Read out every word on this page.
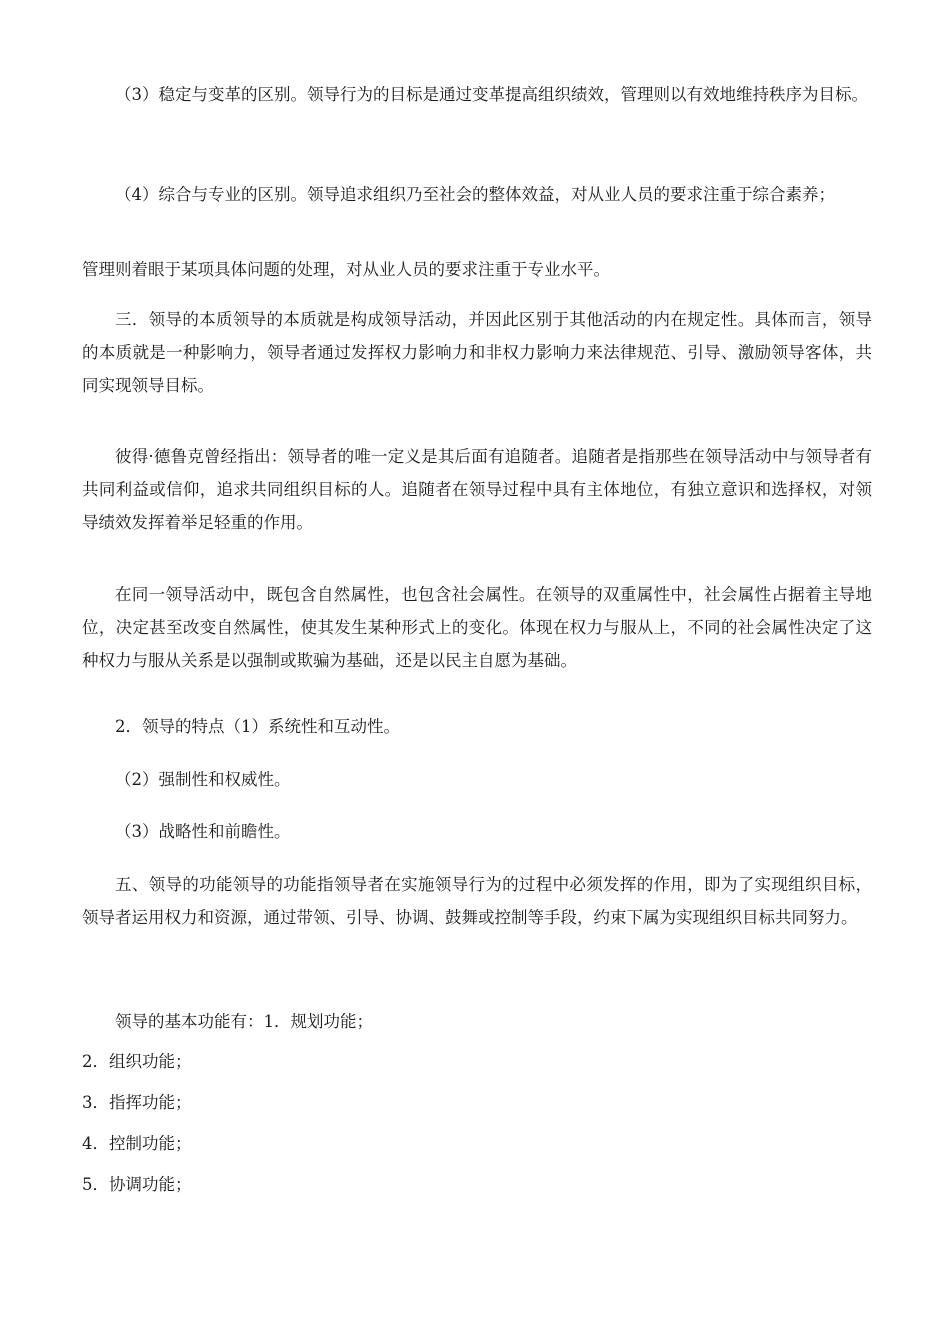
（3）稳定与变革的区别。领导行为的目标是通过变革提高组织绩效，管理则以有效地维持秩序为目标。

（4）综合与专业的区别。领导追求组织乃至社会的整体效益，对从业人员的要求注重于综合素养；

管理则着眼于某项具体问题的处理，对从业人员的要求注重于专业水平。

三．领导的本质领导的本质就是构成领导活动，并因此区别于其他活动的内在规定性。具体而言，领导的本质就是一种影响力，领导者通过发挥权力影响力和非权力影响力来法律规范、引导、激励领导客体，共同实现领导目标。

彼得·德鲁克曾经指出：领导者的唯一定义是其后面有追随者。追随者是指那些在领导活动中与领导者有共同利益或信仰，追求共同组织目标的人。追随者在领导过程中具有主体地位，有独立意识和选择权，对领导绩效发挥着举足轻重的作用。

在同一领导活动中，既包含自然属性，也包含社会属性。在领导的双重属性中，社会属性占据着主导地位，决定甚至改变自然属性，使其发生某种形式上的变化。体现在权力与服从上，不同的社会属性决定了这种权力与服从关系是以强制或欺骗为基础，还是以民主自愿为基础。

2．领导的特点（1）系统性和互动性。

（2）强制性和权威性。

（3）战略性和前瞻性。

五、领导的功能领导的功能指领导者在实施领导行为的过程中必须发挥的作用，即为了实现组织目标，领导者运用权力和资源，通过带领、引导、协调、鼓舞或控制等手段，约束下属为实现组织目标共同努力。

领导的基本功能有：1．规划功能；

2．组织功能；

3．指挥功能；

4．控制功能；

5．协调功能；
